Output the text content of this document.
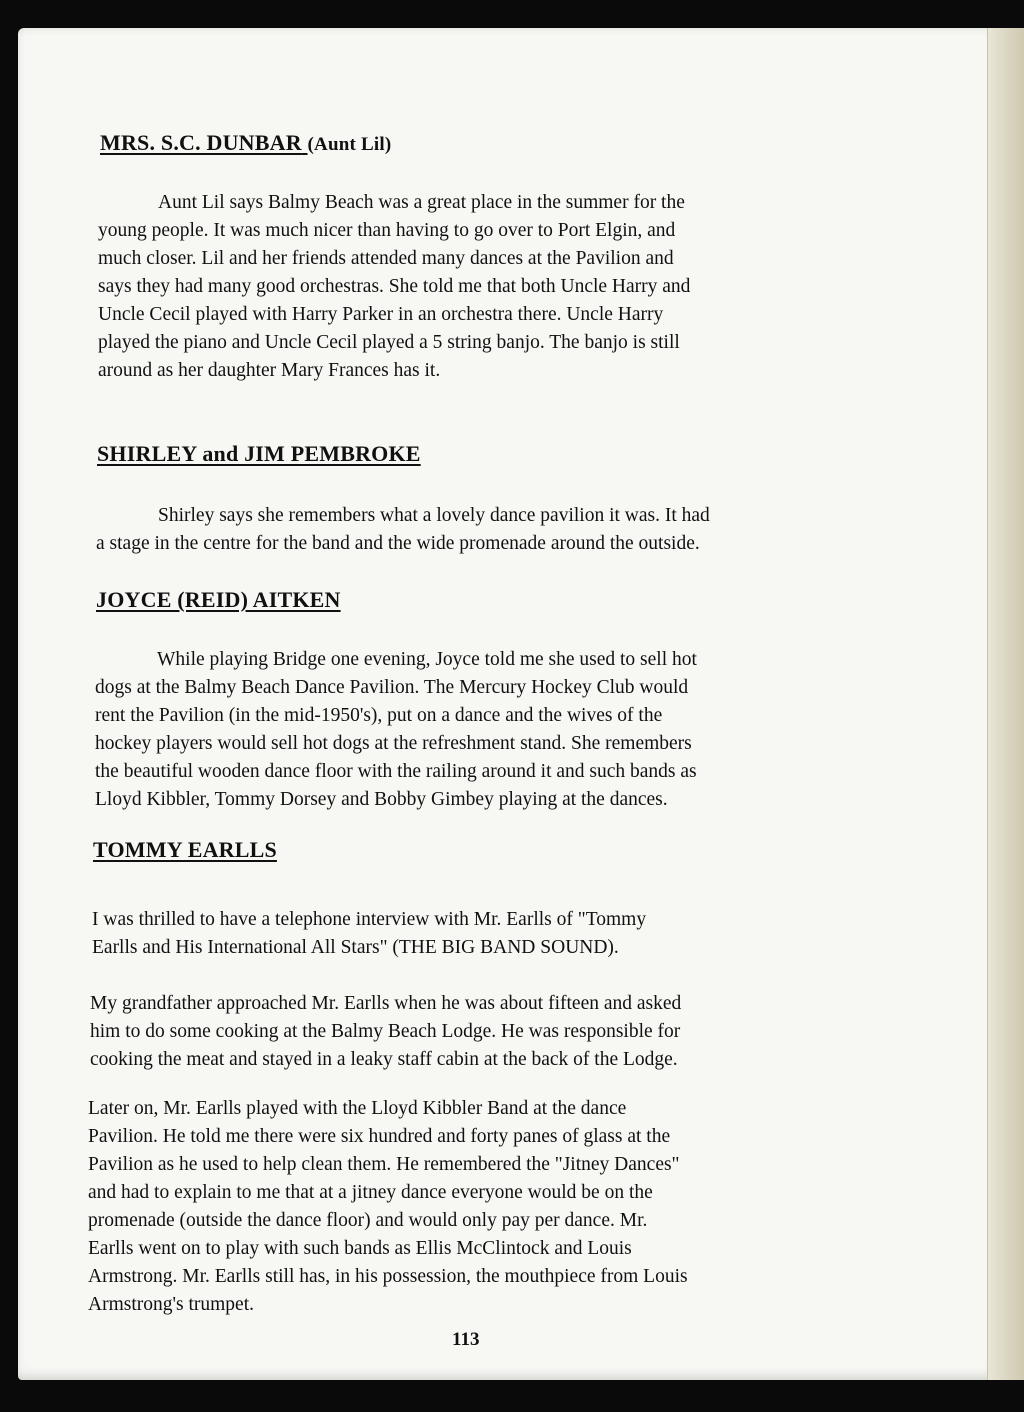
MRS. S.C. DUNBAR (Aunt Lil)
Aunt Lil says Balmy Beach was a great place in the summer for the
young people. It was much nicer than having to go over to Port Elgin, and
much closer. Lil and her friends attended many dances at the Pavilion and
says they had many good orchestras. She told me that both Uncle Harry and
Uncle Cecil played with Harry Parker in an orchestra there. Uncle Harry
played the piano and Uncle Cecil played a 5 string banjo. The banjo is still
around as her daughter Mary Frances has it.
SHIRLEY and JIM PEMBROKE
Shirley says she remembers what a lovely dance pavilion it was. It had
a stage in the centre for the band and the wide promenade around the outside.
JOYCE (REID) AITKEN
While playing Bridge one evening, Joyce told me she used to sell hot
dogs at the Balmy Beach Dance Pavilion. The Mercury Hockey Club would
rent the Pavilion (in the mid-1950's), put on a dance and the wives of the
hockey players would sell hot dogs at the refreshment stand. She remembers
the beautiful wooden dance floor with the railing around it and such bands as
Lloyd Kibbler, Tommy Dorsey and Bobby Gimbey playing at the dances.
TOMMY EARLLS
I was thrilled to have a telephone interview with Mr. Earlls of "Tommy
Earlls and His International All Stars" (THE BIG BAND SOUND).
My grandfather approached Mr. Earlls when he was about fifteen and asked
him to do some cooking at the Balmy Beach Lodge. He was responsible for
cooking the meat and stayed in a leaky staff cabin at the back of the Lodge.
Later on, Mr. Earlls played with the Lloyd Kibbler Band at the dance
Pavilion. He told me there were six hundred and forty panes of glass at the
Pavilion as he used to help clean them. He remembered the "Jitney Dances"
and had to explain to me that at a jitney dance everyone would be on the
promenade (outside the dance floor) and would only pay per dance. Mr.
Earlls went on to play with such bands as Ellis McClintock and Louis
Armstrong. Mr. Earlls still has, in his possession, the mouthpiece from Louis
Armstrong's trumpet.

113
